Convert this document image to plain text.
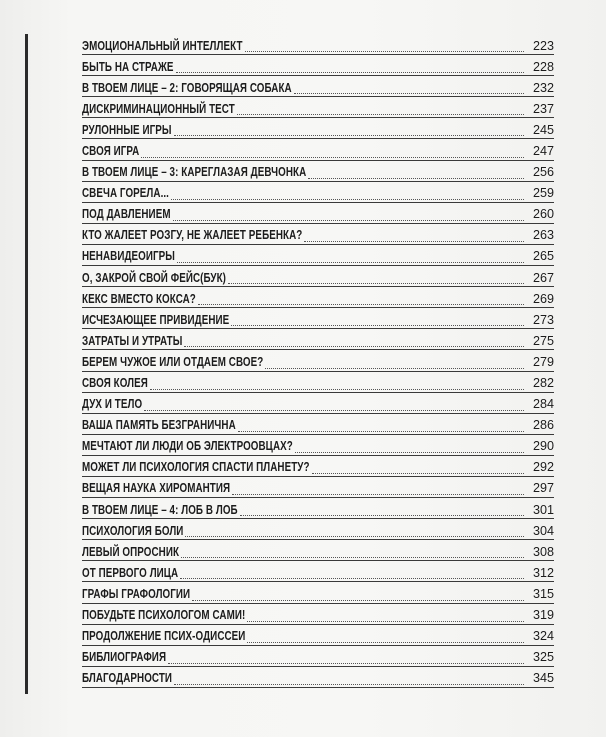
ЭМОЦИОНАЛЬНЫЙ ИНТЕЛЛЕКТ	223
БЫТЬ НА СТРАЖЕ	228
В ТВОЕМ ЛИЦЕ – 2: ГОВОРЯЩАЯ СОБАКА	232
ДИСКРИМИНАЦИОННЫЙ ТЕСТ	237
РУЛОННЫЕ ИГРЫ	245
СВОЯ ИГРА	247
В ТВОЕМ ЛИЦЕ – 3: КАРЕГЛАЗАЯ ДЕВЧОНКА	256
СВЕЧА ГОРЕЛА...	259
ПОД ДАВЛЕНИЕМ	260
КТО ЖАЛЕЕТ РОЗГУ, НЕ ЖАЛЕЕТ РЕБЕНКА?	263
НЕНАВИДЕОИГРЫ	265
О, ЗАКРОЙ СВОЙ ФЕЙС(БУК)	267
КЕКС ВМЕСТО КОКСА?	269
ИСЧЕЗАЮЩЕЕ ПРИВИДЕНИЕ	273
ЗАТРАТЫ И УТРАТЫ	275
БЕРЕМ ЧУЖОЕ ИЛИ ОТДАЕМ СВОЕ?	279
СВОЯ КОЛЕЯ	282
ДУХ И ТЕЛО	284
ВАША ПАМЯТЬ БЕЗГРАНИЧНА	286
МЕЧТАЮТ ЛИ ЛЮДИ ОБ ЭЛЕКТРООВЦАХ?	290
МОЖЕТ ЛИ ПСИХОЛОГИЯ СПАСТИ ПЛАНЕТУ?	292
ВЕЩАЯ НАУКА ХИРОМАНТИЯ	297
В ТВОЕМ ЛИЦЕ – 4: ЛОБ В ЛОБ	301
ПСИХОЛОГИЯ БОЛИ	304
ЛЕВЫЙ ОПРОСНИК	308
ОТ ПЕРВОГО ЛИЦА	312
ГРАФЫ ГРАФОЛОГИИ	315
ПОБУДЬТЕ ПСИХОЛОГОМ САМИ!	319
ПРОДОЛЖЕНИЕ ПСИХ-ОДИССЕИ	324
БИБЛИОГРАФИЯ	325
БЛАГОДАРНОСТИ	345
